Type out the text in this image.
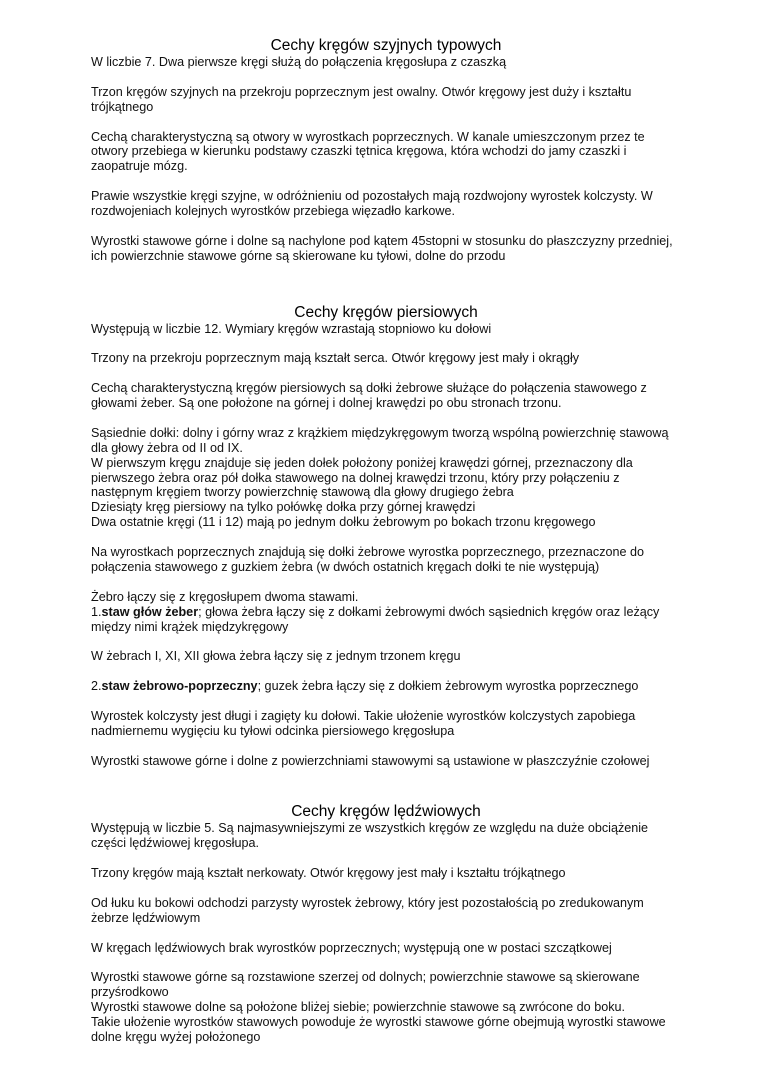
Cechy kręgów szyjnych typowych

W liczbie 7. Dwa pierwsze kręgi służą do połączenia kręgosłupa z czaszką

Trzon kręgów szyjnych na przekroju poprzecznym jest owalny. Otwór kręgowy jest duży i kształtu trójkątnego

Cechą charakterystyczną są otwory w wyrostkach poprzecznych. W kanale umieszczonym przez te otwory przebiega w kierunku podstawy czaszki tętnica kręgowa, która wchodzi do jamy czaszki i zaopatruje mózg.

Prawie wszystkie kręgi szyjne, w odróżnieniu od pozostałych mają rozdwojony wyrostek kolczysty. W rozdwojeniach kolejnych wyrostków przebiega więzadło karkowe.

Wyrostki stawowe górne i dolne są nachylone pod kątem 45stopni w stosunku do płaszczyzny przedniej, ich powierzchnie stawowe górne są skierowane ku tyłowi, dolne do przodu

Cechy kręgów piersiowych

Występują w liczbie 12. Wymiary kręgów wzrastają stopniowo ku dołowi

Trzony na przekroju poprzecznym mają kształt serca. Otwór kręgowy jest mały i okrągły

Cechą charakterystyczną kręgów piersiowych są dołki żebrowe służące do połączenia stawowego z głowami żeber. Są one położone na górnej i dolnej krawędzi po obu stronach trzonu.

Sąsiednie dołki: dolny i górny wraz z krążkiem międzykręgowym tworzą wspólną powierzchnię stawową dla głowy żebra od II od IX.

W pierwszym kręgu znajduje się jeden dołek położony poniżej krawędzi górnej, przeznaczony dla pierwszego żebra oraz pół dołka stawowego na dolnej krawędzi trzonu, który przy połączeniu z następnym kręgiem tworzy powierzchnię stawową dla głowy drugiego żebra

Dziesiąty kręg piersiowy na tylko połówkę dołka przy górnej krawędzi

Dwa ostatnie kręgi (11 i 12) mają po jednym dołku żebrowym po bokach trzonu kręgowego

Na wyrostkach poprzecznych znajdują się dołki żebrowe wyrostka poprzecznego, przeznaczone do połączenia stawowego z guzkiem żebra (w dwóch ostatnich kręgach dołki te nie występują)

Żebro łączy się z kręgosłupem dwoma stawami.

1.staw głów żeber; głowa żebra łączy się z dołkami żebrowymi dwóch sąsiednich kręgów oraz leżący między nimi krążek międzykręgowy

W żebrach I, XI, XII głowa żebra łączy się z jednym trzonem kręgu

2.staw żebrowo-poprzeczny; guzek żebra łączy się z dołkiem żebrowym wyrostka poprzecznego

Wyrostek kolczysty jest długi i zagięty ku dołowi. Takie ułożenie wyrostków kolczystych zapobiega nadmiernemu wygięciu ku tyłowi odcinka piersiowego kręgosłupa

Wyrostki stawowe górne i dolne z powierzchniami stawowymi są ustawione w płaszczyźnie czołowej

Cechy kręgów lędźwiowych

Występują w liczbie 5. Są najmasywniejszymi ze wszystkich kręgów ze względu na duże obciążenie części lędźwiowej kręgosłupa.

Trzony kręgów mają kształt nerkowaty. Otwór kręgowy jest mały i kształtu trójkątnego

Od łuku ku bokowi odchodzi parzysty wyrostek żebrowy, który jest pozostałością po zredukowanym żebrze lędźwiowym

W kręgach lędźwiowych brak wyrostków poprzecznych; występują one w postaci szczątkowej

Wyrostki stawowe górne są rozstawione szerzej od dolnych; powierzchnie stawowe są skierowane przyśrodkowo

Wyrostki stawowe dolne są położone bliżej siebie; powierzchnie stawowe są zwrócone do boku.

Takie ułożenie wyrostków stawowych powoduje że wyrostki stawowe górne obejmują wyrostki stawowe dolne kręgu wyżej położonego
